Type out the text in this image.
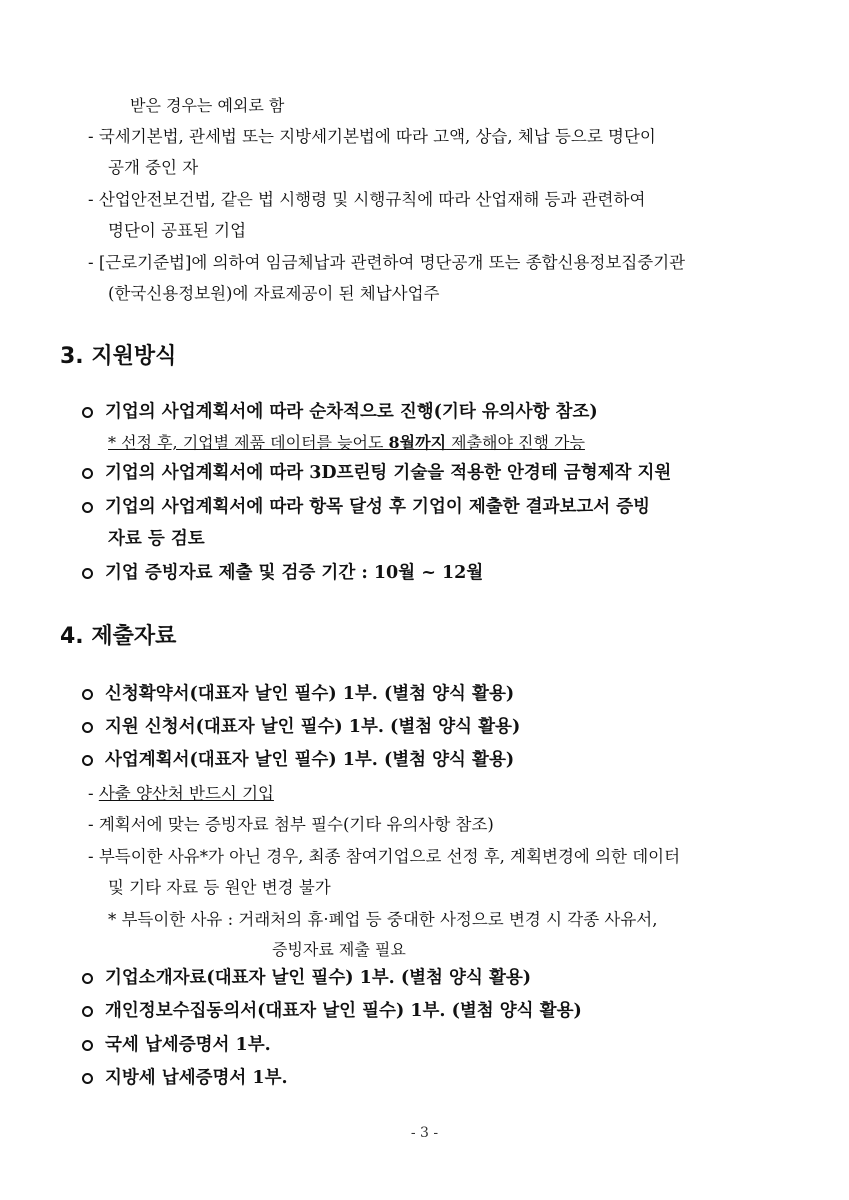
받은 경우는 예외로 함
- 국세기본법, 관세법 또는 지방세기본법에 따라 고액, 상습, 체납 등으로 명단이
공개 중인 자
- 산업안전보건법, 같은 법 시행령 및 시행규칙에 따라 산업재해 등과 관련하여
명단이 공표된 기업
- [근로기준법]에 의하여 임금체납과 관련하여 명단공개 또는 종합신용정보집중기관
(한국신용정보원)에 자료제공이 된 체납사업주
3. 지원방식
기업의 사업계획서에 따라 순차적으로 진행(기타 유의사항 참조)
* 선정 후, 기업별 제품 데이터를 늦어도 8월까지 제출해야 진행 가능
기업의 사업계획서에 따라 3D프린팅 기술을 적용한 안경테 금형제작 지원
기업의 사업계획서에 따라 항목 달성 후 기업이 제출한 결과보고서 증빙
자료 등 검토
기업 증빙자료 제출 및 검증 기간 : 10월 ~ 12월
4. 제출자료
신청확약서(대표자 날인 필수) 1부. (별첨 양식 활용)
지원 신청서(대표자 날인 필수) 1부. (별첨 양식 활용)
사업계획서(대표자 날인 필수) 1부. (별첨 양식 활용)
- 사출 양산처 반드시 기입
- 계획서에 맞는 증빙자료 첨부 필수(기타 유의사항 참조)
- 부득이한 사유*가 아닌 경우, 최종 참여기업으로 선정 후, 계획변경에 의한 데이터
및 기타 자료 등 원안 변경 불가
* 부득이한 사유 : 거래처의 휴·폐업 등 중대한 사정으로 변경 시 각종 사유서,
증빙자료 제출 필요
기업소개자료(대표자 날인 필수) 1부. (별첨 양식 활용)
개인정보수집동의서(대표자 날인 필수) 1부. (별첨 양식 활용)
국세 납세증명서 1부.
지방세 납세증명서 1부.
- 3 -
